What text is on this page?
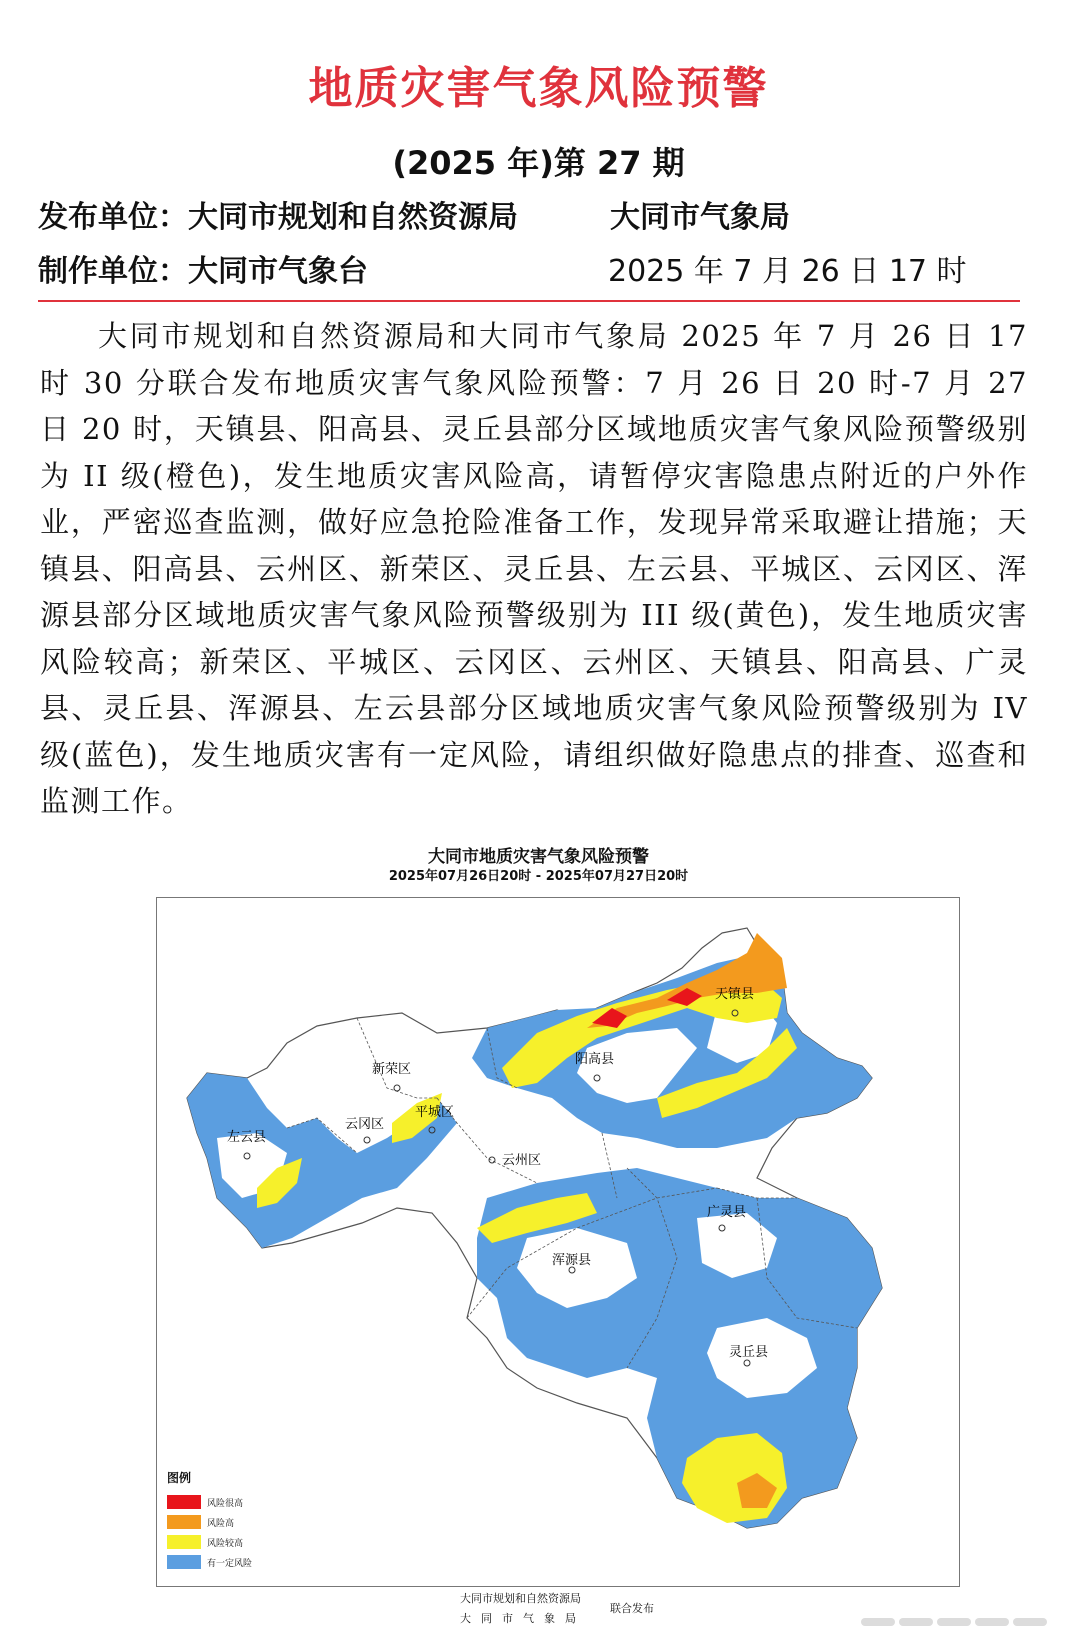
地质灾害气象风险预警
(2025 年)第 27 期
发布单位：大同市规划和自然资源局	大同市气象局
制作单位：大同市气象台	2025 年 7 月 26 日 17 时
大同市规划和自然资源局和大同市气象局 2025 年 7 月 26 日 17 时 30 分联合发布地质灾害气象风险预警：7 月 26 日 20 时-7 月 27 日 20 时，天镇县、阳高县、灵丘县部分区域地质灾害气象风险预警级别为 II 级(橙色)，发生地质灾害风险高，请暂停灾害隐患点附近的户外作业，严密巡查监测，做好应急抢险准备工作，发现异常采取避让措施；天镇县、阳高县、云州区、新荣区、灵丘县、左云县、平城区、云冈区、浑源县部分区域地质灾害气象风险预警级别为 III 级(黄色)，发生地质灾害风险较高；新荣区、平城区、云冈区、云州区、天镇县、阳高县、广灵县、灵丘县、浑源县、左云县部分区域地质灾害气象风险预警级别为 IV 级(蓝色)，发生地质灾害有一定风险，请组织做好隐患点的排查、巡查和监测工作。
大同市地质灾害气象风险预警
2025年07月26日20时 - 2025年07月27日20时
天镇县
阳高县
新荣区
平城区
云冈区
左云县
云州区
广灵县
浑源县
灵丘县
图例
风险很高
风险高
风险较高
有一定风险
大同市规划和自然资源局
大同市气象局
联合发布
